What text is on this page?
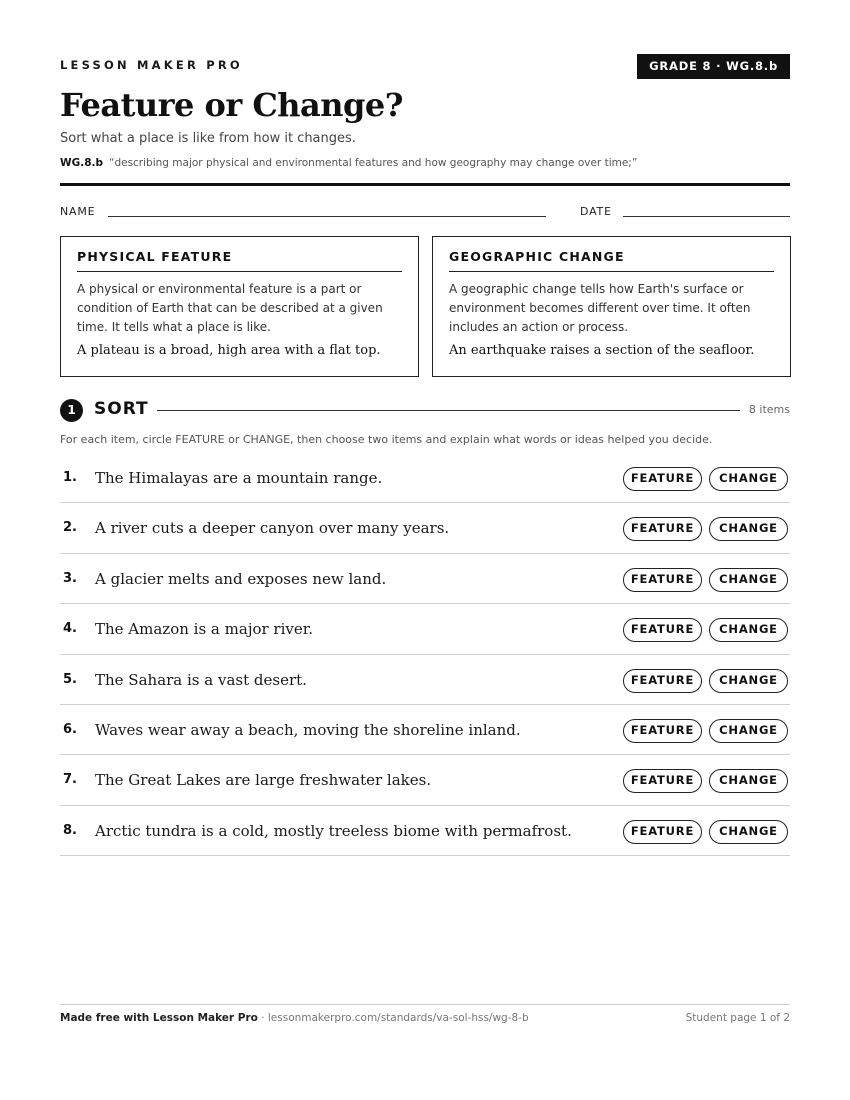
LESSON MAKER PRO	GRADE 8 · WG.8.b
Feature or Change?
Sort what a place is like from how it changes.
WG.8.b “describing major physical and environmental features and how geography may change over time;”
NAME	DATE
PHYSICAL FEATURE
A physical or environmental feature is a part or condition of Earth that can be described at a given time. It tells what a place is like.
A plateau is a broad, high area with a flat top.
GEOGRAPHIC CHANGE
A geographic change tells how Earth's surface or environment becomes different over time. It often includes an action or process.
An earthquake raises a section of the seafloor.
1	SORT	8 items
For each item, circle FEATURE or CHANGE, then choose two items and explain what words or ideas helped you decide.
1. The Himalayas are a mountain range.	FEATURE	CHANGE
2. A river cuts a deeper canyon over many years.	FEATURE	CHANGE
3. A glacier melts and exposes new land.	FEATURE	CHANGE
4. The Amazon is a major river.	FEATURE	CHANGE
5. The Sahara is a vast desert.	FEATURE	CHANGE
6. Waves wear away a beach, moving the shoreline inland.	FEATURE	CHANGE
7. The Great Lakes are large freshwater lakes.	FEATURE	CHANGE
8. Arctic tundra is a cold, mostly treeless biome with permafrost.	FEATURE	CHANGE
Made free with Lesson Maker Pro · lessonmakerpro.com/standards/va-sol-hss/wg-8-b	Student page 1 of 2
